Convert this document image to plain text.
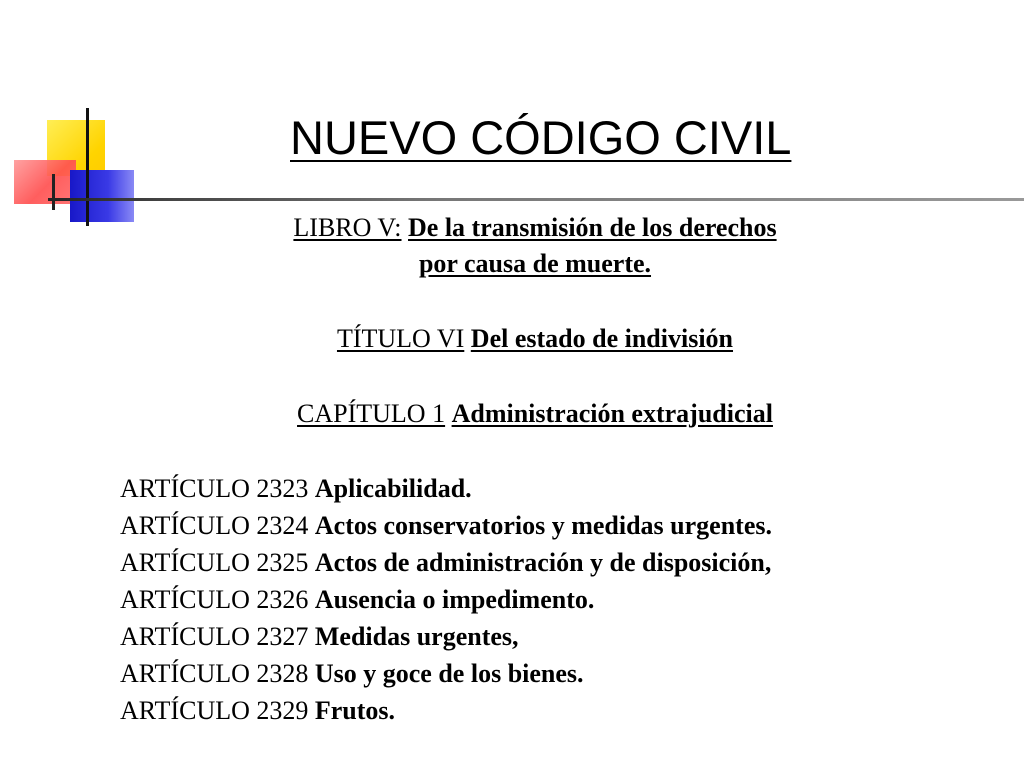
NUEVO CÓDIGO CIVIL
LIBRO V: De la transmisión de los derechos
por causa de muerte.
TÍTULO VI Del estado de indivisión
CAPÍTULO 1 Administración extrajudicial
ARTÍCULO 2323 Aplicabilidad.
ARTÍCULO 2324 Actos conservatorios y medidas urgentes.
ARTÍCULO 2325 Actos de administración y de disposición,
ARTÍCULO 2326 Ausencia o impedimento.
ARTÍCULO 2327 Medidas urgentes,
ARTÍCULO 2328 Uso y goce de los bienes.
ARTÍCULO 2329 Frutos.
